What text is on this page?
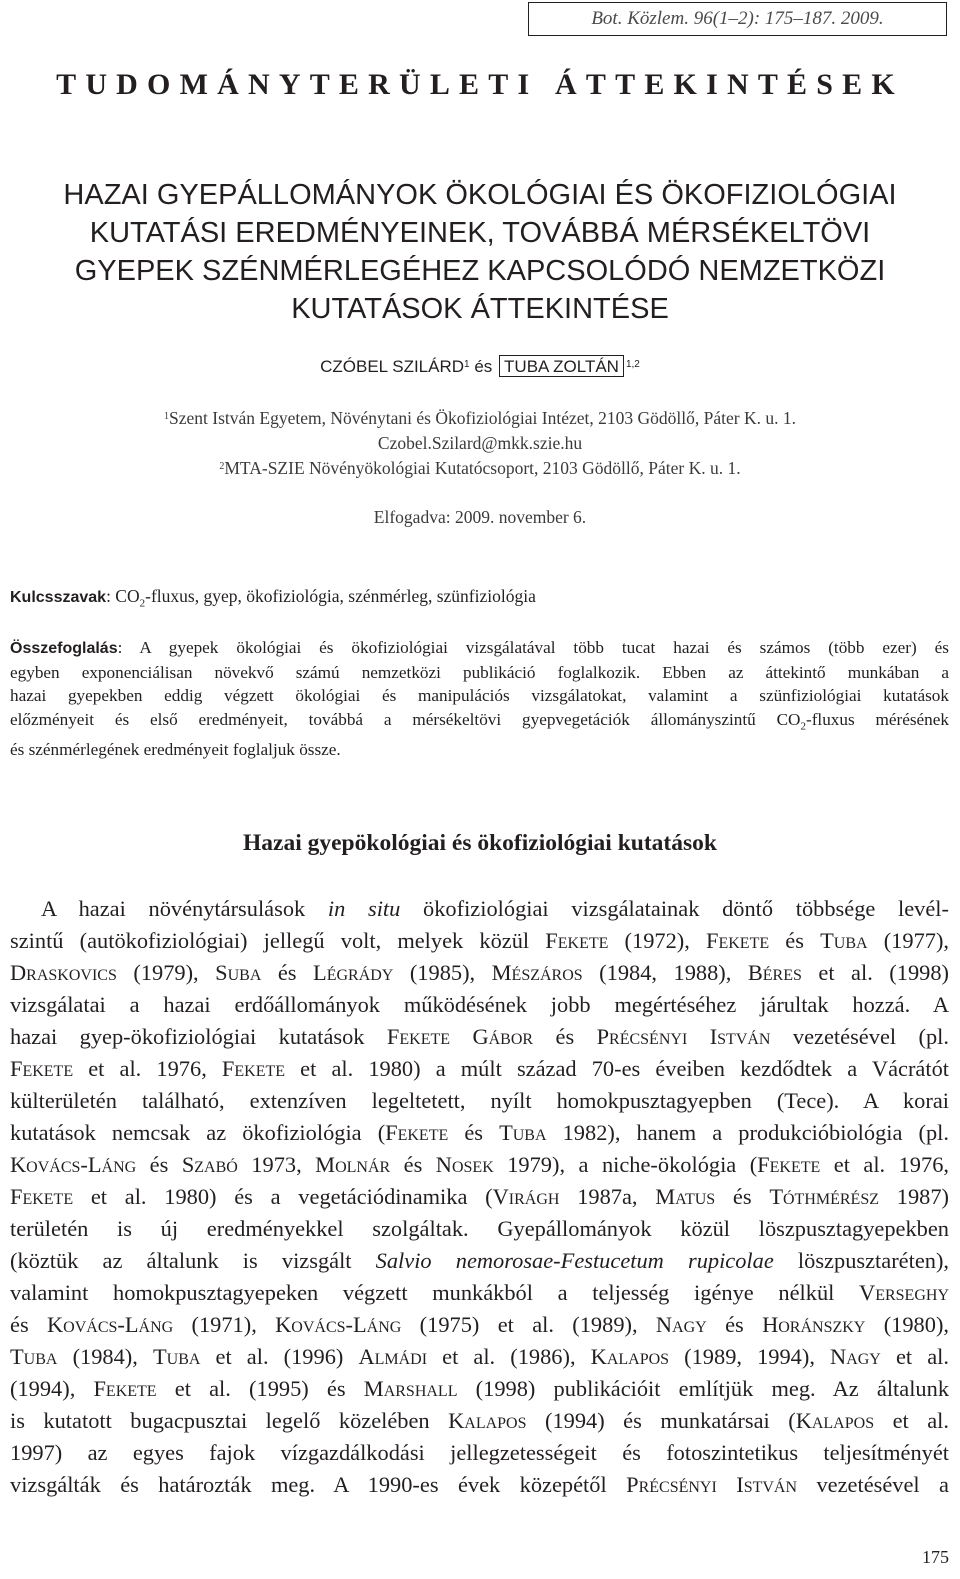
Bot. Közlem. 96(1–2): 175–187. 2009.
TUDOMÁNYTERÜLETI ÁTTEKINTÉSEK
HAZAI GYEPÁLLOMÁNYOK ÖKOLÓGIAI ÉS ÖKOFIZIOLÓGIAI
KUTATÁSI EREDMÉNYEINEK, TOVÁBBÁ MÉRSÉKELTÖVI
GYEPEK SZÉNMÉRLEGÉHEZ KAPCSOLÓDÓ NEMZETKÖZI
KUTATÁSOK ÁTTEKINTÉSE
CZÓBEL SZILÁRD$^1$ és TUBA ZOLTÁN $^{1,2}$
$^1$Szent István Egyetem, Növénytani és Ökofiziológiai Intézet, 2103 Gödöllő, Páter K. u. 1.
Czobel.Szilard@mkk.szie.hu
$^2$MTA-SZIE Növényökológiai Kutatócsoport, 2103 Gödöllő, Páter K. u. 1.
Elfogadva: 2009. november 6.
Kulcsszavak: $CO_2$-fluxus, gyep, ökofiziológia, szénmérleg, szünfiziológia
Összefoglalás: A gyepek ökológiai és ökofiziológiai vizsgálatával több tucat hazai és számos (több ezer) és
egyben exponenciálisan növekvő számú nemzetközi publikáció foglalkozik. Ebben az áttekintő munkában a
hazai gyepekben eddig végzett ökológiai és manipulációs vizsgálatokat, valamint a szünfiziológiai kutatások
előzményeit és első eredményeit, továbbá a mérsékeltövi gyepvegetációk állományszintű $CO_2$-fluxus mérésének
és szénmérlegének eredményeit foglaljuk össze.
Hazai gyepökológiai és ökofiziológiai kutatások
A hazai növénytársulások in situ ökofiziológiai vizsgálatainak döntő többsége levél-
szintű (autökofiziológiai) jellegű volt, melyek közül Fekete (1972), Fekete és Tuba (1977),
Draskovics (1979), Suba és Légrády (1985), Mészáros (1984, 1988), Béres et al. (1998)
vizsgálatai a hazai erdőállományok működésének jobb megértéséhez járultak hozzá. A
hazai gyep-ökofiziológiai kutatások Fekete Gábor és Précsényi István vezetésével (pl.
Fekete et al. 1976, Fekete et al. 1980) a múlt század 70-es éveiben kezdődtek a Vácrátót
külterületén található, extenzíven legeltetett, nyílt homokpusztagyepben (Tece). A korai
kutatások nemcsak az ökofiziológia (Fekete és Tuba 1982), hanem a produkcióbiológia (pl.
Kovács-Láng és Szabó 1973, Molnár és Nosek 1979), a niche-ökológia (Fekete et al. 1976,
Fekete et al. 1980) és a vegetációdinamika (Virágh 1987a, Matus és Tóthmérész 1987)
területén is új eredményekkel szolgáltak. Gyepállományok közül löszpusztagyepekben
(köztük az általunk is vizsgált Salvio nemorosae-Festucetum rupicolae löszpusztaréten),
valamint homokpusztagyepeken végzett munkákból a teljesség igénye nélkül Verseghy
és Kovács-Láng (1971), Kovács-Láng (1975) et al. (1989), Nagy és Horánszky (1980),
Tuba (1984), Tuba et al. (1996) Almádi et al. (1986), Kalapos (1989, 1994), Nagy et al.
(1994), Fekete et al. (1995) és Marshall (1998) publikációit említjük meg. Az általunk
is kutatott bugacpusztai legelő közelében Kalapos (1994) és munkatársai (Kalapos et al.
1997) az egyes fajok vízgazdálkodási jellegzetességeit és fotoszintetikus teljesítményét
vizsgálták és határozták meg. A 1990-es évek közepétől Précsényi István vezetésével a
175
